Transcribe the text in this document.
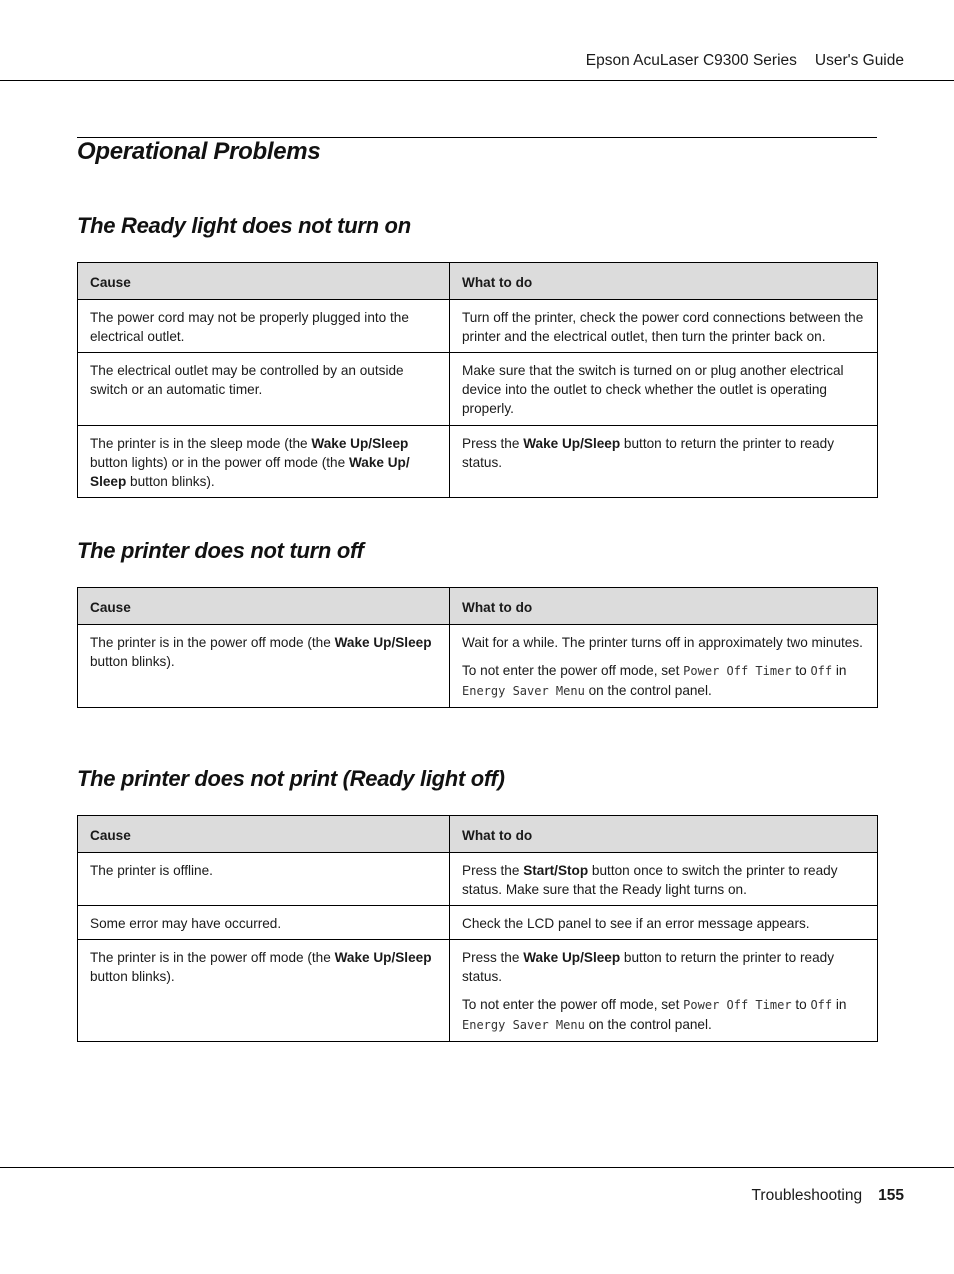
Epson AcuLaser C9300 Series User's Guide
Operational Problems
The Ready light does not turn on
Cause	What to do
The power cord may not be properly plugged into the electrical outlet.	Turn off the printer, check the power cord connections between the printer and the electrical outlet, then turn the printer back on.
The electrical outlet may be controlled by an outside switch or an automatic timer.	Make sure that the switch is turned on or plug another electrical device into the outlet to check whether the outlet is operating properly.
The printer is in the sleep mode (the Wake Up/Sleep button lights) or in the power off mode (the Wake Up/ Sleep button blinks).	Press the Wake Up/Sleep button to return the printer to ready status.
The printer does not turn off
Cause	What to do
The printer is in the power off mode (the Wake Up/Sleep button blinks).	Wait for a while. The printer turns off in approximately two minutes.

To not enter the power off mode, set Power Off Timer to Off in Energy Saver Menu on the control panel.

The printer does not print (Ready light off)
Cause	What to do
The printer is offline.	Press the Start/Stop button once to switch the printer to ready status. Make sure that the Ready light turns on.
Some error may have occurred.	Check the LCD panel to see if an error message appears.
The printer is in the power off mode (the Wake Up/Sleep button blinks).	Press the Wake Up/Sleep button to return the printer to ready status.

To not enter the power off mode, set Power Off Timer to Off in Energy Saver Menu on the control panel.

Troubleshooting 155
